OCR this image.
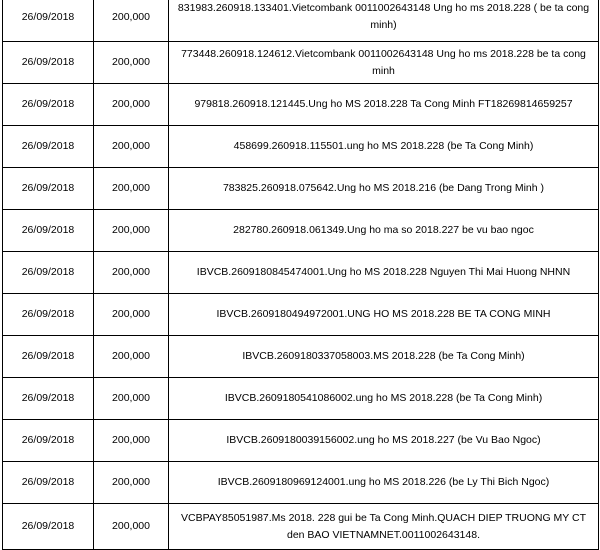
26/09/2018	200,000	831983.260918.133401.Vietcombank 0011002643148 Ung ho ms 2018.228 ( be ta cong minh)
26/09/2018	200,000	773448.260918.124612.Vietcombank 0011002643148 Ung ho ms 2018.228 be ta cong minh
26/09/2018	200,000	979818.260918.121445.Ung ho MS 2018.228 Ta Cong Minh FT18269814659257
26/09/2018	200,000	458699.260918.115501.ung ho MS 2018.228 (be Ta Cong Minh)
26/09/2018	200,000	783825.260918.075642.Ung ho MS 2018.216 (be Dang Trong Minh )
26/09/2018	200,000	282780.260918.061349.Ung ho ma so 2018.227 be vu bao ngoc
26/09/2018	200,000	IBVCB.2609180845474001.Ung ho MS 2018.228 Nguyen Thi Mai Huong NHNN
26/09/2018	200,000	IBVCB.2609180494972001.UNG HO MS 2018.228 BE TA CONG MINH
26/09/2018	200,000	IBVCB.2609180337058003.MS 2018.228 (be Ta Cong Minh)
26/09/2018	200,000	IBVCB.2609180541086002.ung ho MS 2018.228 (be Ta Cong Minh)
26/09/2018	200,000	IBVCB.2609180039156002.ung ho MS 2018.227 (be Vu Bao Ngoc)
26/09/2018	200,000	IBVCB.2609180969124001.ung ho MS 2018.226 (be Ly Thi Bich Ngoc)
26/09/2018	200,000	VCBPAY85051987.Ms 2018. 228 gui be Ta Cong Minh.QUACH DIEP TRUONG MY CT den BAO VIETNAMNET.0011002643148.
